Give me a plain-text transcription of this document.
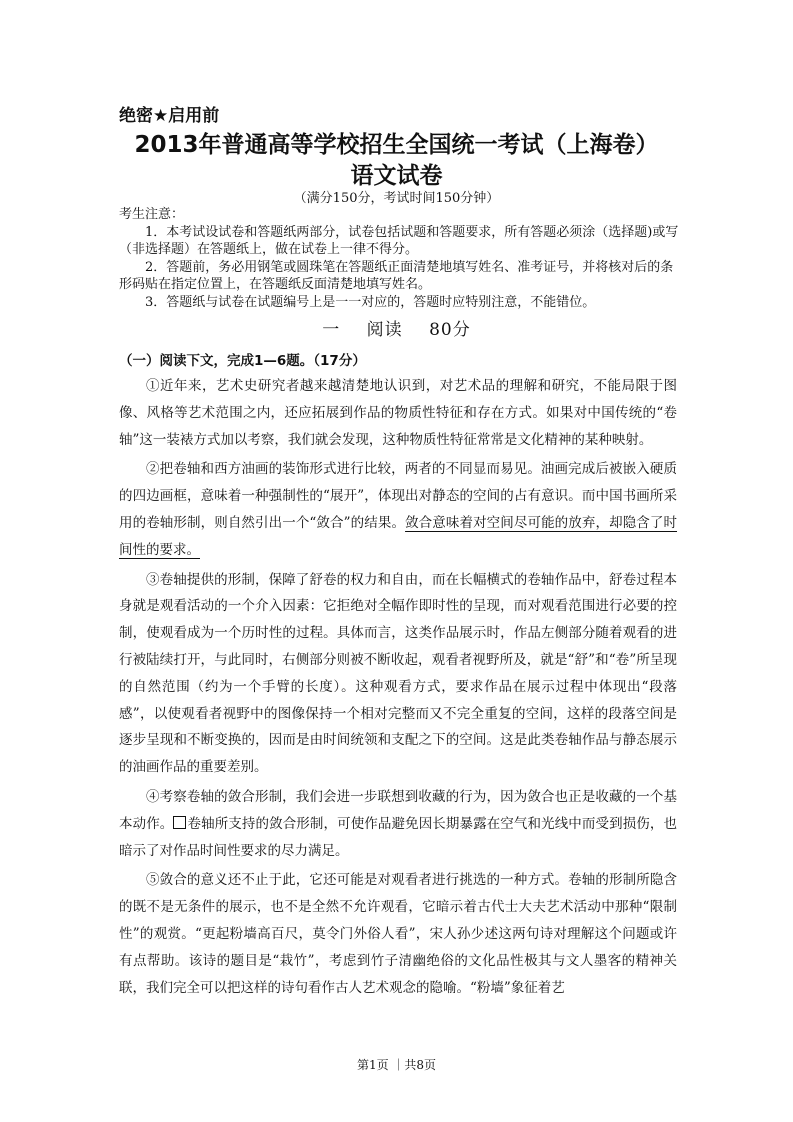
绝密★启用前
2013年普通高等学校招生全国统一考试（上海卷）
语文试卷
（满分150分，考试时间150分钟）

考生注意：

1．本考试设试卷和答题纸两部分，试卷包括试题和答题要求，所有答题必须涂（选择题)或写（非选择题）在答题纸上，做在试卷上一律不得分。

2．答题前，务必用钢笔或圆珠笔在答题纸正面清楚地填写姓名、准考证号，并将核对后的条形码贴在指定位置上，在答题纸反面清楚地填写姓名。

3．答题纸与试卷在试题编号上是一一对应的，答题时应特别注意，不能错位。

一 阅读 80分
（一）阅读下文，完成1—6题。（17分）

①近年来，艺术史研究者越来越清楚地认识到，对艺术品的理解和研究，不能局限于图像、风格等艺术范围之内，还应拓展到作品的物质性特征和存在方式。如果对中国传统的“卷轴”这一装裱方式加以考察，我们就会发现，这种物质性特征常常是文化精神的某种映射。

②把卷轴和西方油画的装饰形式进行比较，两者的不同显而易见。油画完成后被嵌入硬质的四边画框，意味着一种强制性的“展开”，体现出对静态的空间的占有意识。而中国书画所采用的卷轴形制，则自然引出一个“敛合”的结果。敛合意味着对空间尽可能的放弃，却隐含了时间性的要求。

③卷轴提供的形制，保障了舒卷的权力和自由，而在长幅横式的卷轴作品中，舒卷过程本身就是观看活动的一个介入因素：它拒绝对全幅作即时性的呈现，而对观看范围进行必要的控制，使观看成为一个历时性的过程。具体而言，这类作品展示时，作品左侧部分随着观看的进行被陆续打开，与此同时，右侧部分则被不断收起，观看者视野所及，就是“舒”和“卷”所呈现的自然范围（约为一个手臂的长度）。这种观看方式，要求作品在展示过程中体现出“段落感”，以使观看者视野中的图像保持一个相对完整而又不完全重复的空间，这样的段落空间是逐步呈现和不断变换的，因而是由时间统领和支配之下的空间。这是此类卷轴作品与静态展示的油画作品的重要差别。

④考察卷轴的敛合形制，我们会进一步联想到收藏的行为，因为敛合也正是收藏的一个基本动作。 卷轴所支持的敛合形制，可使作品避免因长期暴露在空气和光线中而受到损伤，也暗示了对作品时间性要求的尽力满足。

⑤敛合的意义还不止于此，它还可能是对观看者进行挑选的一种方式。卷轴的形制所隐含的既不是无条件的展示，也不是全然不允许观看，它暗示着古代士大夫艺术活动中那种“限制性”的观赏。“更起粉墙高百尺，莫令门外俗人看”，宋人孙少述这两句诗对理解这个问题或许有点帮助。该诗的题目是“栽竹”，考虑到竹子清幽绝俗的文化品性极其与文人墨客的精神关联，我们完全可以把这样的诗句看作古人艺术观念的隐喻。“粉墙”象征着艺

第1页 ｜共8页
